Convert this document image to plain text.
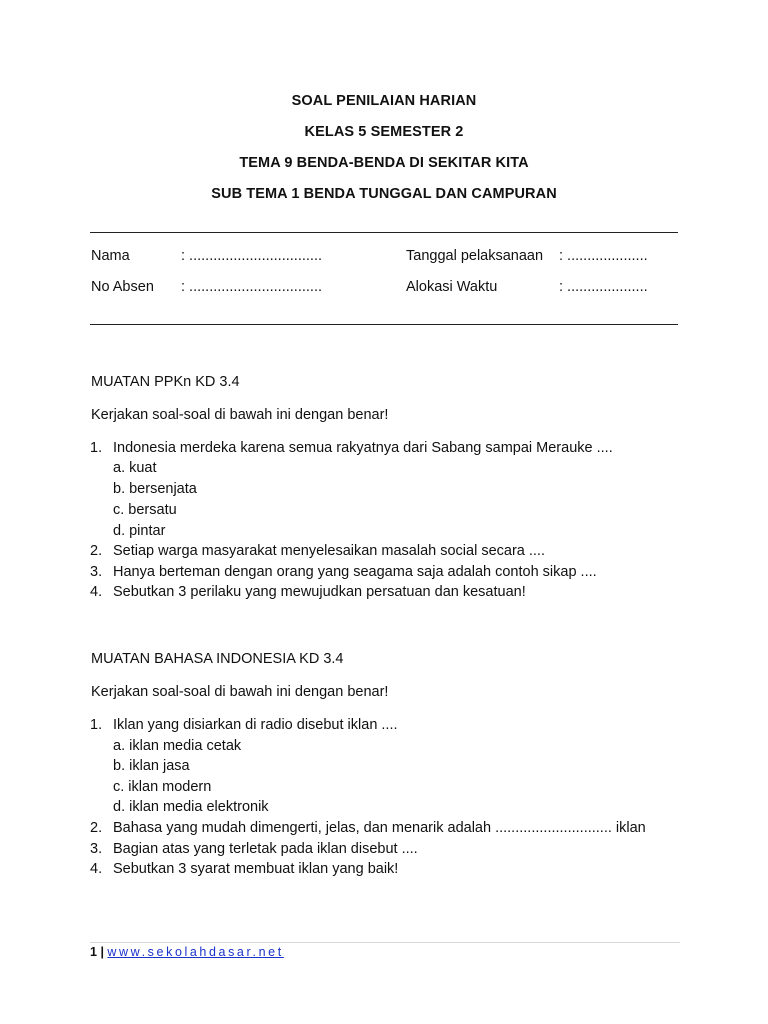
SOAL PENILAIAN HARIAN
KELAS 5 SEMESTER 2
TEMA 9 BENDA-BENDA DI SEKITAR KITA
SUB TEMA 1 BENDA TUNGGAL DAN CAMPURAN
Nama	: .................................	Tanggal pelaksanaan : ....................
No Absen : .................................	Alokasi Waktu	: ....................
MUATAN PPKn KD 3.4
Kerjakan soal-soal di bawah ini dengan benar!
1. Indonesia merdeka karena semua rakyatnya dari Sabang sampai Merauke ....
a. kuat
b. bersenjata
c. bersatu
d. pintar
2. Setiap warga masyarakat menyelesaikan masalah social secara ....
3. Hanya berteman dengan orang yang seagama saja adalah contoh sikap ....
4. Sebutkan 3 perilaku yang mewujudkan persatuan dan kesatuan!
MUATAN BAHASA INDONESIA KD 3.4
Kerjakan soal-soal di bawah ini dengan benar!
1. Iklan yang disiarkan di radio disebut iklan ....
a. iklan media cetak
b. iklan jasa
c. iklan modern
d. iklan media elektronik
2. Bahasa yang mudah dimengerti, jelas, dan menarik adalah ............................. iklan
3. Bagian atas yang terletak pada iklan disebut ....
4. Sebutkan 3 syarat membuat iklan yang baik!
1 | www.sekolahdasar.net
